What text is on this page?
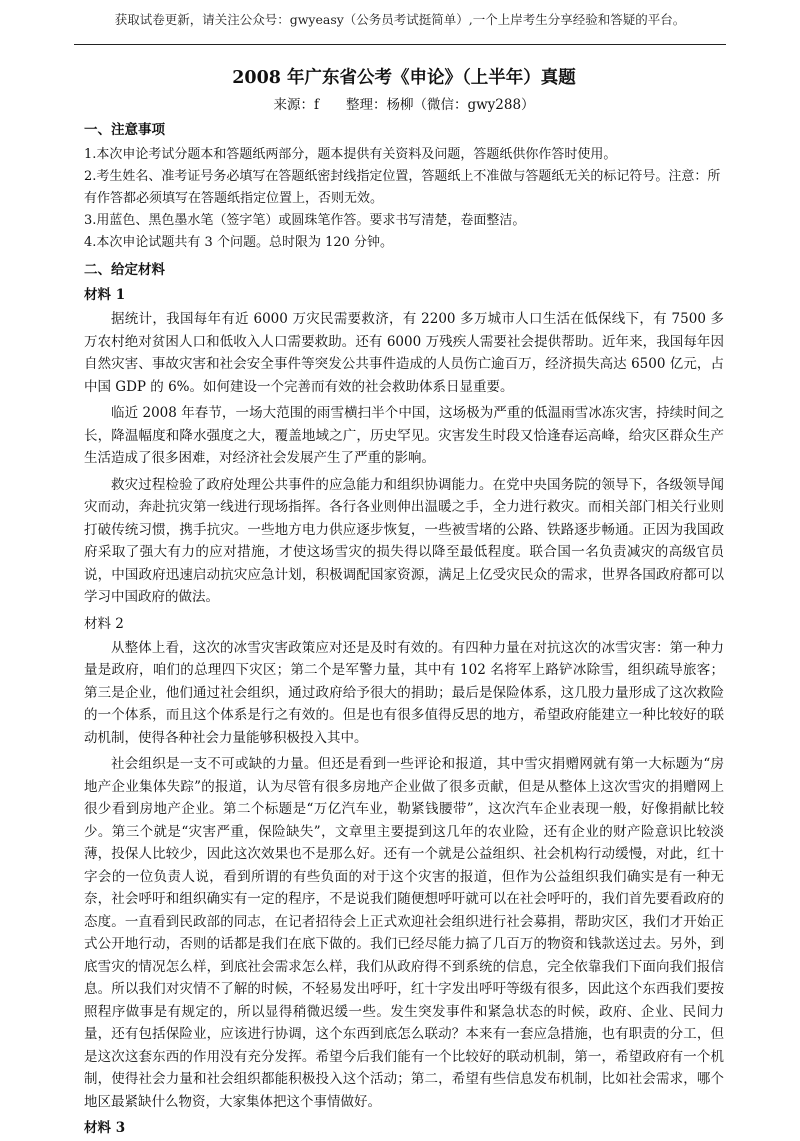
获取试卷更新，请关注公众号：gwyeasy（公务员考试挺简单）,一个上岸考生分享经验和答疑的平台。
2008 年广东省公考《申论》（上半年）真题
来源：f　　整理：杨柳（微信：gwy288）
一、注意事项

1.本次申论考试分题本和答题纸两部分，题本提供有关资料及问题，答题纸供你作答时使用。

2.考生姓名、准考证号务必填写在答题纸密封线指定位置，答题纸上不准做与答题纸无关的标记符号。注意：所有作答都必须填写在答题纸指定位置上，否则无效。

3.用蓝色、黑色墨水笔（签字笔）或圆珠笔作答。要求书写清楚，卷面整洁。

4.本次申论试题共有 3 个问题。总时限为 120 分钟。

二、给定材料
材料 1

据统计，我国每年有近 6000 万灾民需要救济，有 2200 多万城市人口生活在低保线下，有 7500 多万农村绝对贫困人口和低收入人口需要救助。还有 6000 万残疾人需要社会提供帮助。近年来，我国每年因自然灾害、事故灾害和社会安全事件等突发公共事件造成的人员伤亡逾百万，经济损失高达 6500 亿元，占中国 GDP 的 6%。如何建设一个完善而有效的社会救助体系日显重要。

临近 2008 年春节，一场大范围的雨雪横扫半个中国，这场极为严重的低温雨雪冰冻灾害，持续时间之长，降温幅度和降水强度之大，覆盖地域之广，历史罕见。灾害发生时段又恰逢春运高峰，给灾区群众生产生活造成了很多困难，对经济社会发展产生了严重的影响。

救灾过程检验了政府处理公共事件的应急能力和组织协调能力。在党中央国务院的领导下，各级领导闻灾而动，奔赴抗灾第一线进行现场指挥。各行各业则伸出温暖之手，全力进行救灾。而相关部门相关行业则打破传统习惯，携手抗灾。一些地方电力供应逐步恢复，一些被雪堵的公路、铁路逐步畅通。正因为我国政府采取了强大有力的应对措施，才使这场雪灾的损失得以降至最低程度。联合国一名负责减灾的高级官员说，中国政府迅速启动抗灾应急计划，积极调配国家资源，满足上亿受灾民众的需求，世界各国政府都可以学习中国政府的做法。

材料 2

从整体上看，这次的冰雪灾害政策应对还是及时有效的。有四种力量在对抗这次的冰雪灾害：第一种力量是政府，咱们的总理四下灾区；第二个是军警力量，其中有 102 名将军上路铲冰除雪，组织疏导旅客；第三是企业，他们通过社会组织，通过政府给予很大的捐助；最后是保险体系，这几股力量形成了这次救险的一个体系，而且这个体系是行之有效的。但是也有很多值得反思的地方，希望政府能建立一种比较好的联动机制，使得各种社会力量能够积极投入其中。

社会组织是一支不可或缺的力量。但还是看到一些评论和报道，其中雪灾捐赠网就有第一大标题为“房地产企业集体失踪”的报道，认为尽管有很多房地产企业做了很多贡献，但是从整体上这次雪灾的捐赠网上很少看到房地产企业。第二个标题是“万亿汽车业，勒紧钱腰带”，这次汽车企业表现一般，好像捐献比较少。第三个就是“灾害严重，保险缺失”，文章里主要提到这几年的农业险，还有企业的财产险意识比较淡薄，投保人比较少，因此这次效果也不是那么好。还有一个就是公益组织、社会机构行动缓慢，对此，红十字会的一位负责人说，看到所谓的有些负面的对于这个灾害的报道，但作为公益组织我们确实是有一种无奈，社会呼吁和组织确实有一定的程序，不是说我们随便想呼吁就可以在社会呼吁的，我们首先要看政府的态度。一直看到民政部的同志，在记者招待会上正式欢迎社会组织进行社会募捐，帮助灾区，我们才开始正式公开地行动，否则的话都是我们在底下做的。我们已经尽能力搞了几百万的物资和钱款送过去。另外，到底雪灾的情况怎么样，到底社会需求怎么样，我们从政府得不到系统的信息，完全依靠我们下面向我们报信息。所以我们对灾情不了解的时候，不轻易发出呼吁，红十字发出呼吁等级有很多，因此这个东西我们要按照程序做事是有规定的，所以显得稍微迟缓一些。发生突发事件和紧急状态的时候，政府、企业、民间力量，还有包括保险业，应该进行协调，这个东西到底怎么联动？本来有一套应急措施，也有职责的分工，但是这次这套东西的作用没有充分发挥。希望今后我们能有一个比较好的联动机制，第一，希望政府有一个机制，使得社会力量和社会组织都能积极投入这个活动；第二，希望有些信息发布机制，比如社会需求，哪个地区最紧缺什么物资，大家集体把这个事情做好。

材料 3
